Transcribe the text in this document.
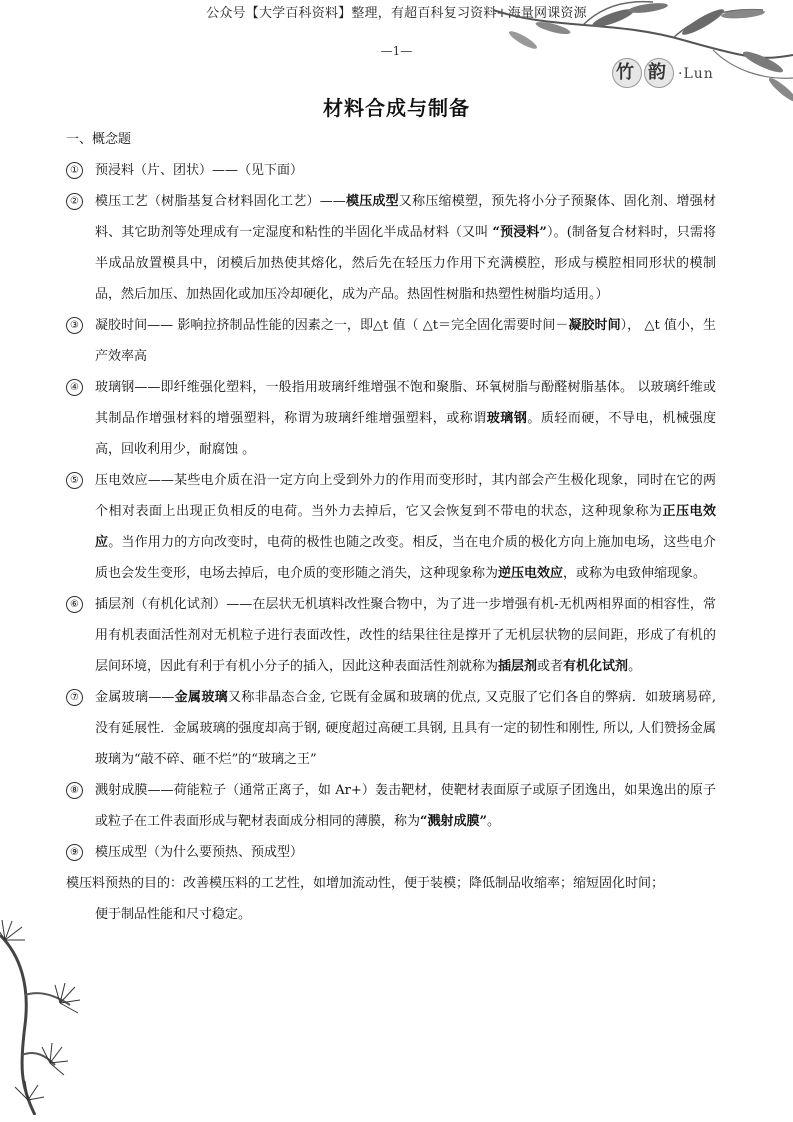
公众号【大学百科资料】整理，有超百科复习资料+海量网课资源
—1—
竹 韵 ·Lun
材料合成与制备

一、概念题

①	预浸料（片、团状）——（见下面）

②	模压工艺（树脂基复合材料固化工艺）——模压成型又称压缩模塑，预先将小分子预聚体、固化剂、增强材料、其它助剂等处理成有一定湿度和粘性的半固化半成品材料（又叫 “预浸料”）。(制备复合材料时，只需将半成品放置模具中，闭模后加热使其熔化，然后先在轻压力作用下充满模腔，形成与模腔相同形状的模制品，然后加压、加热固化或加压冷却硬化，成为产品。热固性树脂和热塑性树脂均适用。）

③	凝胶时间—— 影响拉挤制品性能的因素之一，即△t 值（ △t＝完全固化需要时间－凝胶时间）， △t 值小，生产效率高

④	玻璃钢——即纤维强化塑料，一般指用玻璃纤维增强不饱和聚脂、环氧树脂与酚醛树脂基体。 以玻璃纤维或其制品作增强材料的增强塑料，称谓为玻璃纤维增强塑料，或称谓玻璃钢。质轻而硬，不导电，机械强度高，回收利用少，耐腐蚀 。

⑤	压电效应——某些电介质在沿一定方向上受到外力的作用而变形时，其内部会产生极化现象，同时在它的两个相对表面上出现正负相反的电荷。当外力去掉后，它又会恢复到不带电的状态，这种现象称为正压电效应。当作用力的方向改变时，电荷的极性也随之改变。相反，当在电介质的极化方向上施加电场，这些电介质也会发生变形，电场去掉后，电介质的变形随之消失，这种现象称为逆压电效应，或称为电致伸缩现象。

⑥	插层剂（有机化试剂）——在层状无机填料改性聚合物中，为了进一步增强有机-无机两相界面的相容性，常用有机表面活性剂对无机粒子进行表面改性，改性的结果往往是撑开了无机层状物的层间距，形成了有机的层间环境，因此有利于有机小分子的插入，因此这种表面活性剂就称为插层剂或者有机化试剂。

⑦	金属玻璃——金属玻璃又称非晶态合金, 它既有金属和玻璃的优点, 又克服了它们各自的弊病．如玻璃易碎, 没有延展性．金属玻璃的强度却高于钢, 硬度超过高硬工具钢, 且具有一定的韧性和刚性, 所以, 人们赞扬金属玻璃为“敲不碎、砸不烂”的“玻璃之王”

⑧	溅射成膜——荷能粒子（通常正离子，如 Ar+）轰击靶材，使靶材表面原子或原子团逸出，如果逸出的原子或粒子在工件表面形成与靶材表面成分相同的薄膜，称为“溅射成膜”。

⑨	模压成型（为什么要预热、预成型）

模压料预热的目的：改善模压料的工艺性，如增加流动性，便于装模；降低制品收缩率；缩短固化时间；

便于制品性能和尺寸稳定。
